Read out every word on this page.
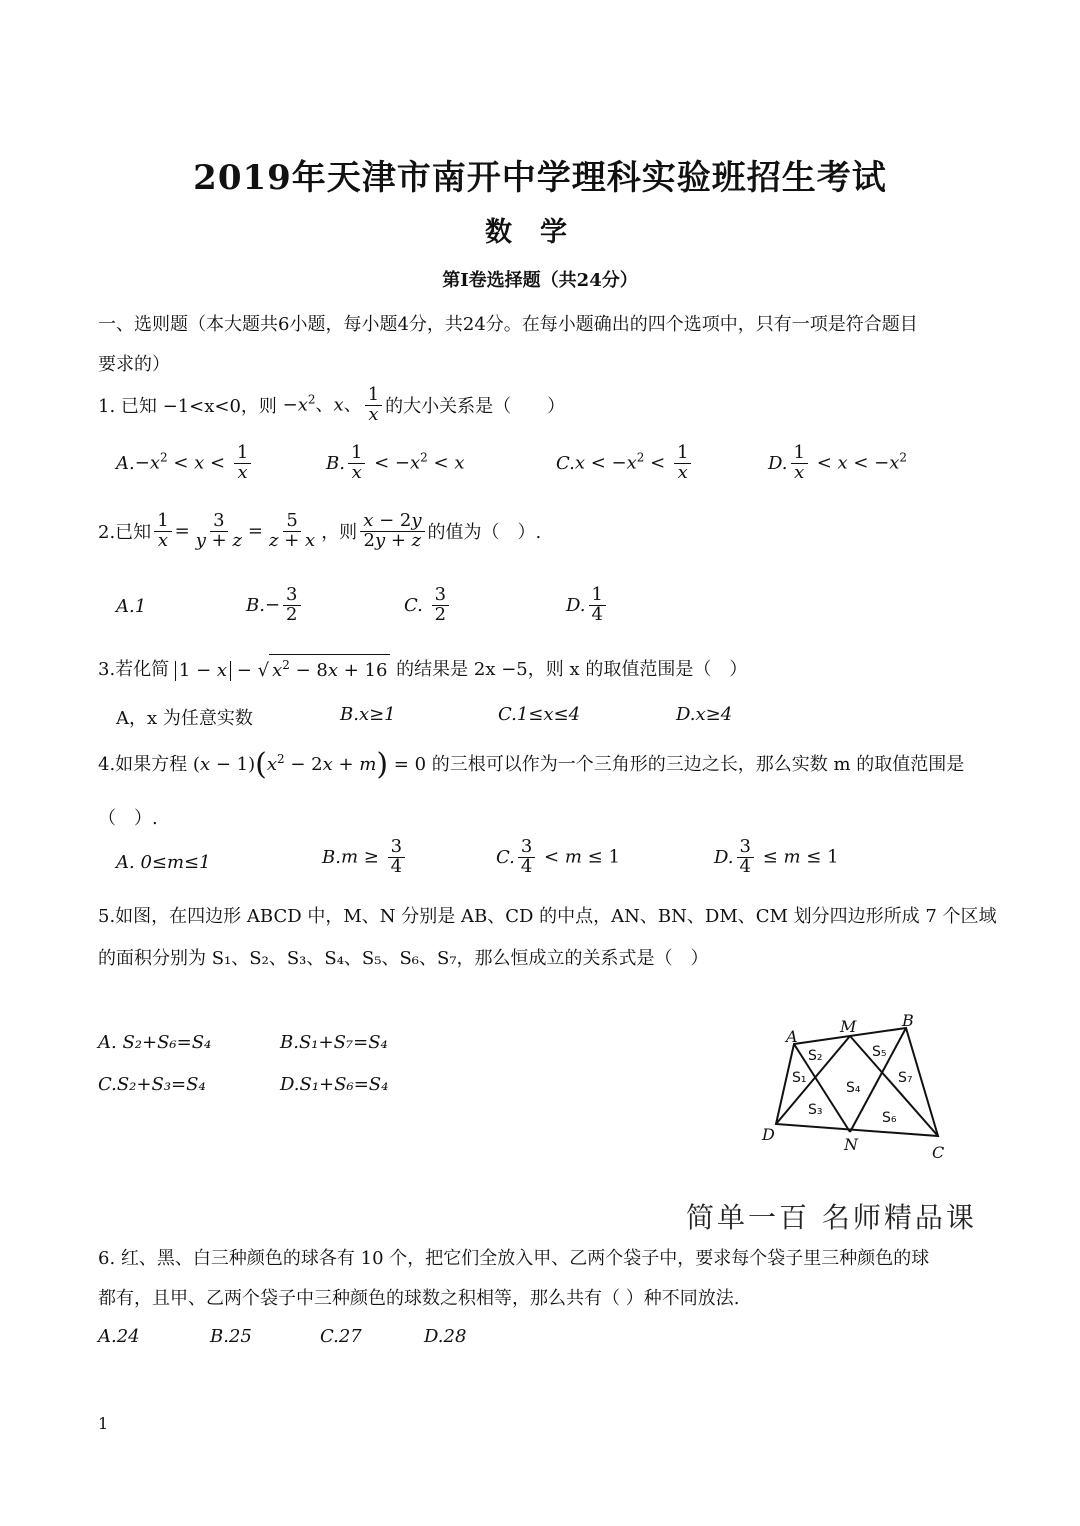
2019年天津市南开中学理科实验班招生考试
数学
第I卷选择题（共24分）
一、选则题（本大题共6小题，每小题4分，共24分。在每小题确出的四个选项中，只有一项是符合题目
要求的）
1. 已知 −1<x<0，则 $-x^2$、x、 $\frac{1}{x}$ 的大小关系是（　　）
A. $-x^2 < x < \frac{1}{x}$	B. $\frac{1}{x} < -x^2 < x$	C. $x < -x^2 < \frac{1}{x}$	D. $\frac{1}{x} < x < -x^2$
2.已知 $\frac{1}{x} = \frac{3}{y + z} = \frac{5}{z + x}$ ，则 $\frac{x - 2y}{2y + z}$ 的值为（　）.
A.1	B. − $\frac{3}{2}$	C.
$\frac{3}{2}$	D. $\frac{1}{4}$
3.若化简 1 − x − √ $x^2 - 8x + 16$ 的结果是 2x −5，则 x 的取值范围是（　）
A，x 为任意实数	B.x≥1	C.1≤x≤4	D.x≥4
4.如果方程 $(x - 1)(x^2 - 2x + m) = 0$ 的三根可以作为一个三角形的三边之长，那么实数 m 的取值范围是
（　）.
A. 0≤m≤1	B. $m \ge \frac{3}{4}$	C. $\frac{3}{4} < m \le 1$	D. $\frac{3}{4} \le m \le 1$
5.如图，在四边形 ABCD 中，M、N 分别是 AB、CD 的中点，AN、BN、DM、CM 划分四边形所成 7 个区域
的面积分别为 S₁、S₂、S₃、S₄、S₅、S₆、S₇，那么恒成立的关系式是（　）
A. S₂+S₆=S₄	B.S₁+S₇=S₄
C.S₂+S₃=S₄	D.S₁+S₆=S₄
A
B
C
D
M
N
S₂
S₁
S₃
S₄
S₅
S₇
S₆
简单一百 名师精品课
6. 红、黑、白三种颜色的球各有 10 个，把它们全放入甲、乙两个袋子中，要求每个袋子里三种颜色的球
都有，且甲、乙两个袋子中三种颜色的球数之积相等，那么共有（ ）种不同放法.
A.24	B.25	C.27	D.28
1
